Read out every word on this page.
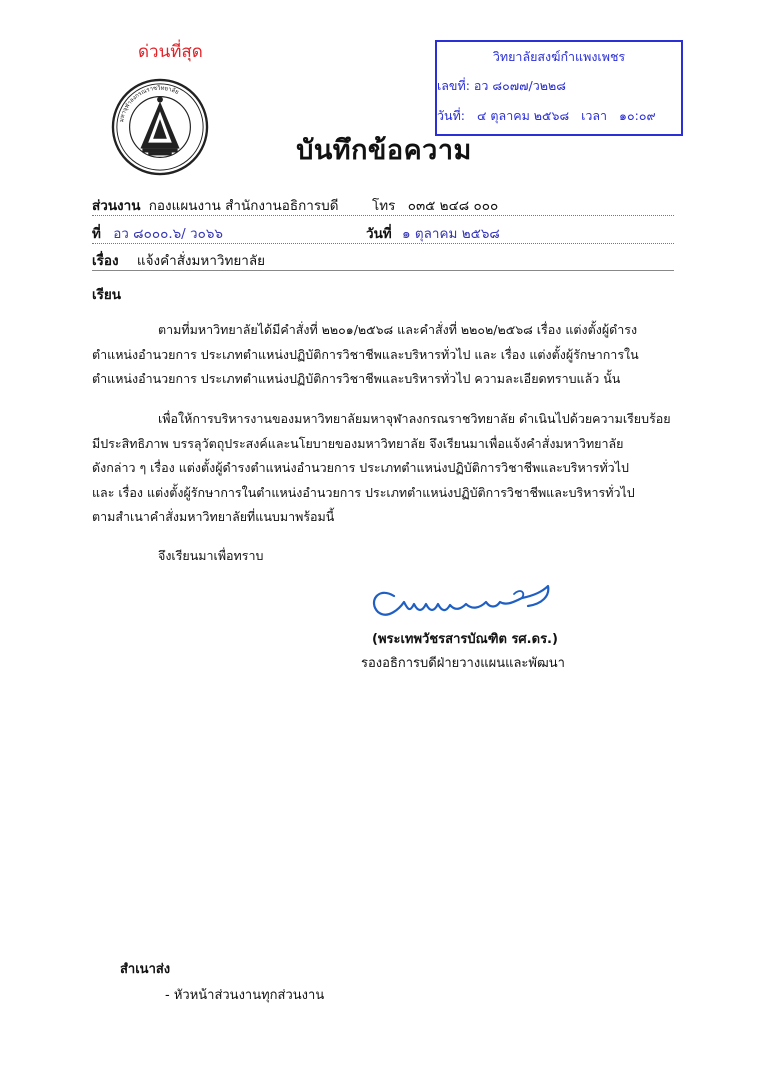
ด่วนที่สุด
มหาจุฬาลงกรณราชวิทยาลัย
วิทยาลัยสงฆ์กำแพงเพชร
เลขที่: อว ๘๐๗๗/ว๒๒๘
วันที่: ๔ ตุลาคม ๒๕๖๘ เวลา ๑๐:๐๙
บันทึกข้อความ
ส่วนงาน กองแผนงาน สำนักงานอธิการบดี โทร ๐๓๕ ๒๔๘ ๐๐๐
ที่ อว ๘๐๐๐.๖/ ว๐๖๖	วันที่ ๑ ตุลาคม ๒๕๖๘
เรื่อง แจ้งคำสั่งมหาวิทยาลัย
เรียน
ตามที่มหาวิทยาลัยได้มีคำสั่งที่ ๒๒๐๑/๒๕๖๘ และคำสั่งที่ ๒๒๐๒/๒๕๖๘ เรื่อง แต่งตั้งผู้ดำรง
ตำแหน่งอำนวยการ ประเภทตำแหน่งปฏิบัติการวิชาชีพและบริหารทั่วไป และ เรื่อง แต่งตั้งผู้รักษาการใน
ตำแหน่งอำนวยการ ประเภทตำแหน่งปฏิบัติการวิชาชีพและบริหารทั่วไป ความละเอียดทราบแล้ว นั้น
เพื่อให้การบริหารงานของมหาวิทยาลัยมหาจุฬาลงกรณราชวิทยาลัย ดำเนินไปด้วยความเรียบร้อย
มีประสิทธิภาพ บรรลุวัตถุประสงค์และนโยบายของมหาวิทยาลัย จึงเรียนมาเพื่อแจ้งคำสั่งมหาวิทยาลัย
ดังกล่าว ๆ เรื่อง แต่งตั้งผู้ดำรงตำแหน่งอำนวยการ ประเภทตำแหน่งปฏิบัติการวิชาชีพและบริหารทั่วไป
และ เรื่อง แต่งตั้งผู้รักษาการในตำแหน่งอำนวยการ ประเภทตำแหน่งปฏิบัติการวิชาชีพและบริหารทั่วไป
ตามสำเนาคำสั่งมหาวิทยาลัยที่แนบมาพร้อมนี้
จึงเรียนมาเพื่อทราบ
(พระเทพวัชรสารบัณฑิต รศ.ดร.)
รองอธิการบดีฝ่ายวางแผนและพัฒนา
สำเนาส่ง
- หัวหน้าส่วนงานทุกส่วนงาน
